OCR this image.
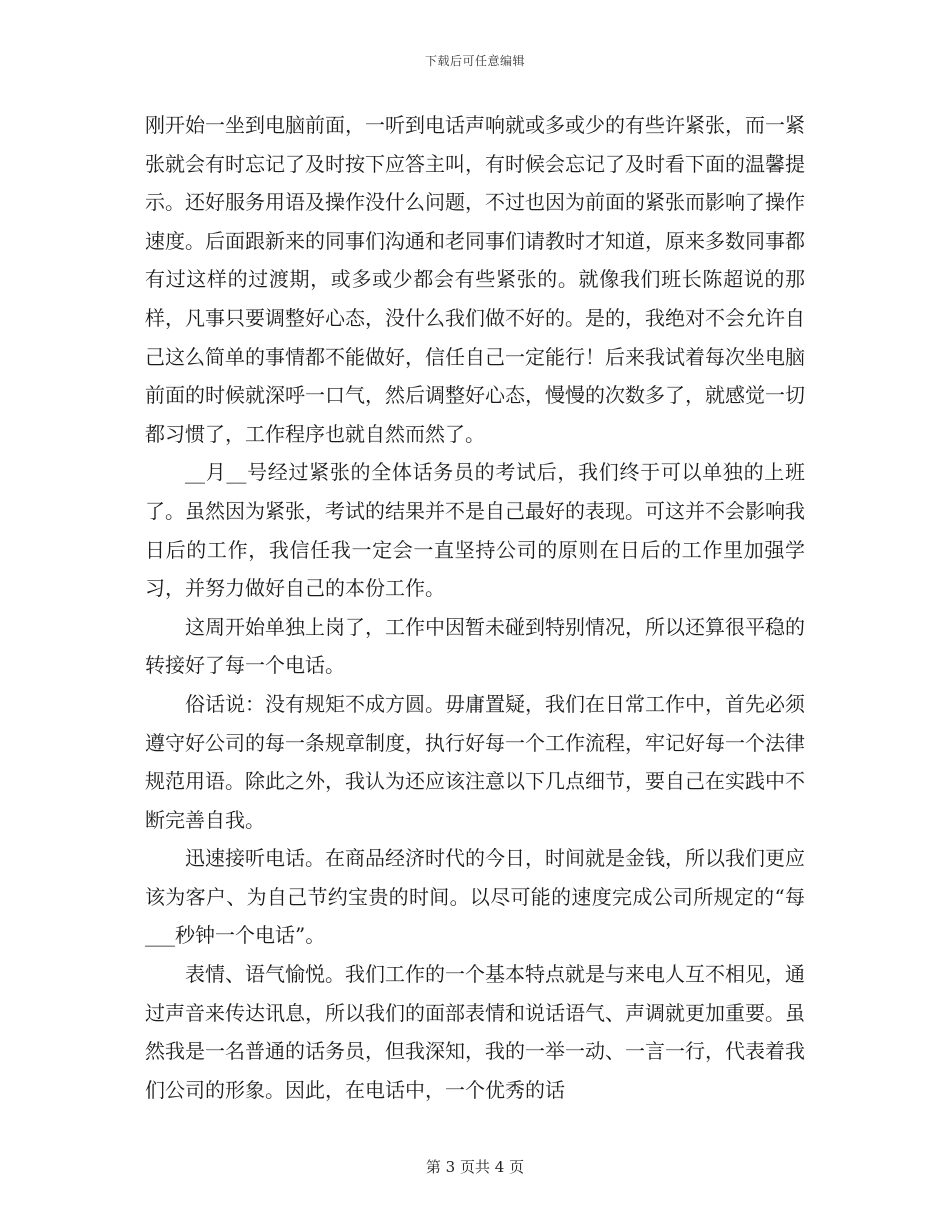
下载后可任意编辑

刚开始一坐到电脑前面，一听到电话声响就或多或少的有些许紧张，而一紧张就会有时忘记了及时按下应答主叫，有时候会忘记了及时看下面的温馨提示。还好服务用语及操作没什么问题，不过也因为前面的紧张而影响了操作速度。后面跟新来的同事们沟通和老同事们请教时才知道，原来多数同事都有过这样的过渡期，或多或少都会有些紧张的。就像我们班长陈超说的那样，凡事只要调整好心态，没什么我们做不好的。是的，我绝对不会允许自己这么简单的事情都不能做好，信任自己一定能行！后来我试着每次坐电脑前面的时候就深呼一口气，然后调整好心态，慢慢的次数多了，就感觉一切都习惯了，工作程序也就自然而然了。

__月__号经过紧张的全体话务员的考试后，我们终于可以单独的上班了。虽然因为紧张，考试的结果并不是自己最好的表现。可这并不会影响我日后的工作，我信任我一定会一直坚持公司的原则在日后的工作里加强学习，并努力做好自己的本份工作。

这周开始单独上岗了，工作中因暂未碰到特别情况，所以还算很平稳的转接好了每一个电话。

俗话说：没有规矩不成方圆。毋庸置疑，我们在日常工作中，首先必须遵守好公司的每一条规章制度，执行好每一个工作流程，牢记好每一个法律规范用语。除此之外，我认为还应该注意以下几点细节，要自己在实践中不断完善自我。

迅速接听电话。在商品经济时代的今日，时间就是金钱，所以我们更应该为客户、为自己节约宝贵的时间。以尽可能的速度完成公司所规定的“每___秒钟一个电话”。

表情、语气愉悦。我们工作的一个基本特点就是与来电人互不相见，通过声音来传达讯息，所以我们的面部表情和说话语气、声调就更加重要。虽然我是一名普通的话务员，但我深知，我的一举一动、一言一行，代表着我们公司的形象。因此，在电话中，一个优秀的话

第 3 页共 4 页
